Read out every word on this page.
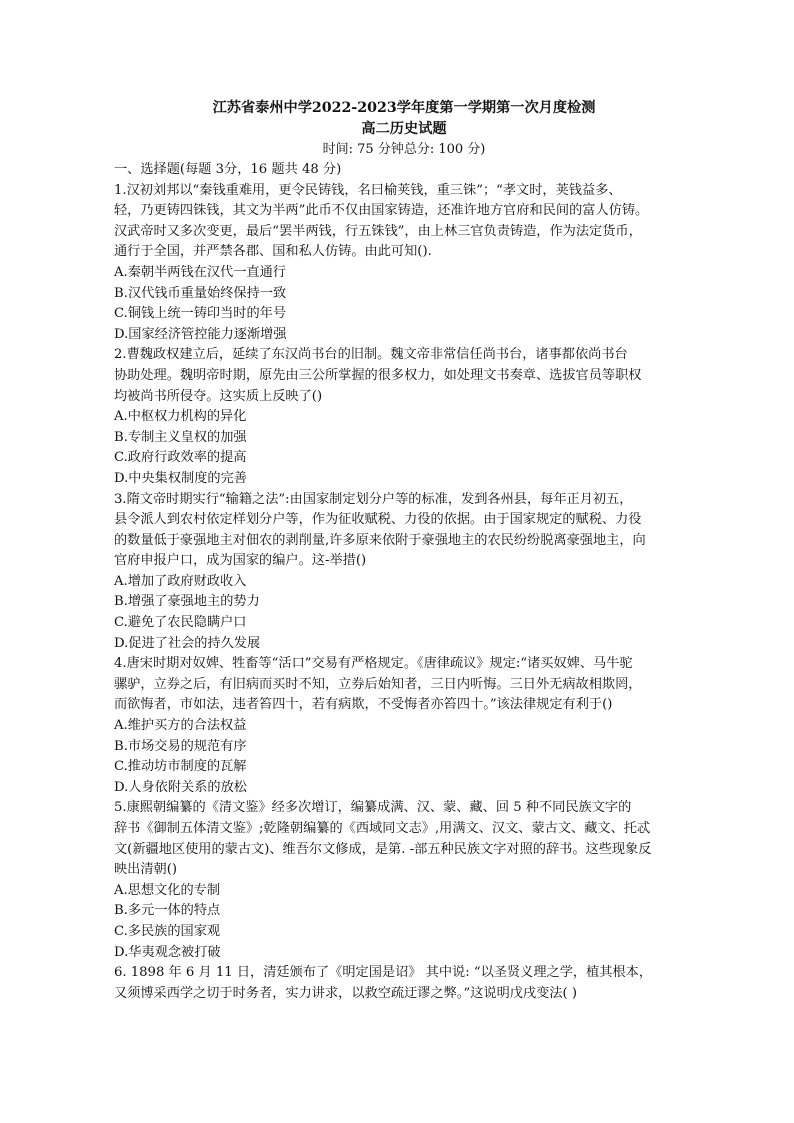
江苏省泰州中学2022-2023学年度第一学期第一次月度检测
高二历史试题
时间: 75 分钟总分: 100 分)
一、选择题(每题 3分，16 题共 48 分)
1.汉初刘邦以“秦钱重难用，更令民铸钱，名曰榆荚钱，重三铢”；“孝文时，荚钱益多、
轻，乃更铸四铢钱，其文为半两”此币不仅由国家铸造，还准许地方官府和民间的富人仿铸。
汉武帝时又多次变更，最后“罢半两钱，行五铢钱”，由上林三官负责铸造，作为法定货币，
通行于全国，并严禁各郡、国和私人仿铸。由此可知().
A.秦朝半两钱在汉代一直通行
B.汉代钱币重量始终保持一致
C.铜钱上统一铸印当时的年号
D.国家经济管控能力逐渐增强
2.曹魏政权建立后，延续了东汉尚书台的旧制。魏文帝非常信任尚书台，诸事都依尚书台
协助处理。魏明帝时期，原先由三公所掌握的很多权力，如处理文书奏章、选拔官员等职权
均被尚书所侵夺。这实质上反映了()
A.中枢权力机构的异化
B.专制主义皇权的加强
C.政府行政效率的提高
D.中央集权制度的完善
3.隋文帝时期实行“输籍之法”:由国家制定划分户等的标准，发到各州县，每年正月初五，
县令派人到农村依定样划分户等，作为征收赋税、力役的依据。由于国家规定的赋税、力役
的数量低于豪强地主对佃农的剥削量,许多原来依附于豪强地主的农民纷纷脱离豪强地主，向
官府申报户口，成为国家的编户。这-举措()
A.增加了政府财政收入
B.增强了豪强地主的势力
C.避免了农民隐瞒户口
D.促进了社会的持久发展
4.唐宋时期对奴婢、牲畜等“活口”交易有严格规定。《唐律疏议》规定:“诸买奴婢、马牛驼
骡驴，立券之后，有旧病而买时不知，立券后始知者，三日内听悔。三日外无病故相欺罔，
而欲悔者，市如法，违者笞四十，若有病欺，不受悔者亦笞四十。”该法律规定有利于()
A.维护买方的合法权益
B.市场交易的规范有序
C.推动坊市制度的瓦解
D.人身依附关系的放松
5.康熙朝编纂的《清文鉴》经多次增订，编纂成满、汉、蒙、藏、回 5 种不同民族文字的
辞书《御制五体清文鉴》;乾隆朝编纂的《西域同文志》,用满文、汉文、蒙古文、藏文、托忒
文(新疆地区使用的蒙古文)、维吾尔文修成，是第. -部五种民族文字对照的辞书。这些现象反
映出清朝()
A.思想文化的专制
B.多元一体的特点
C.多民族的国家观
D.华夷观念被打破
6. 1898 年 6 月 11 日，清廷颁布了《明定国是诏》 其中说: “以圣贤义理之学，植其根本，
又须博采西学之切于时务者，实力讲求，以救空疏迂谬之弊。”这说明戊戌变法( )
